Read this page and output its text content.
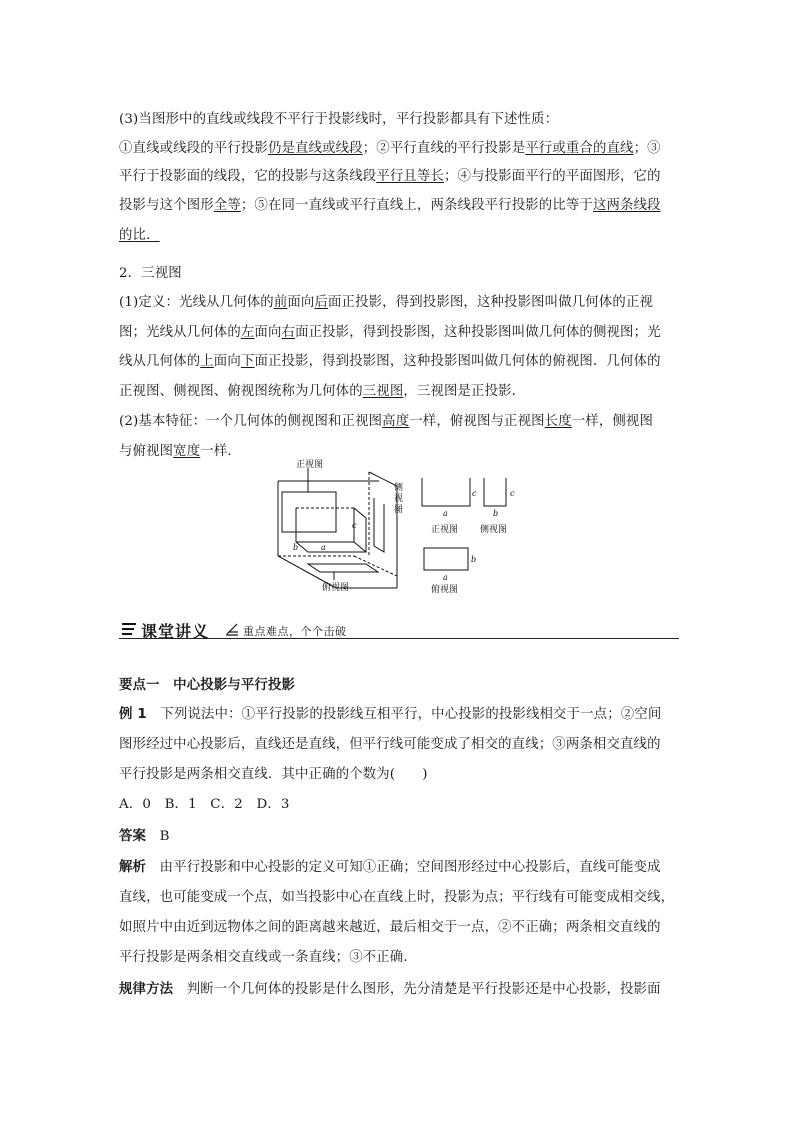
(3)当图形中的直线或线段不平行于投影线时，平行投影都具有下述性质：
①直线或线段的平行投影仍是直线或线段；②平行直线的平行投影是平行或重合的直线；③
平行于投影面的线段，它的投影与这条线段平行且等长；④与投影面平行的平面图形，它的
投影与这个图形全等；⑤在同一直线或平行直线上，两条线段平行投影的比等于这两条线段
的比．
2．三视图
(1)定义：光线从几何体的前面向后面正投影，得到投影图，这种投影图叫做几何体的正视
图；光线从几何体的左面向右面正投影，得到投影图，这种投影图叫做几何体的侧视图；光
线从几何体的上面向下面正投影，得到投影图，这种投影图叫做几何体的俯视图．几何体的
正视图、侧视图、俯视图统称为几何体的三视图，三视图是正投影．
(2)基本特征：一个几何体的侧视图和正视图高度一样，俯视图与正视图长度一样，侧视图
与俯视图宽度一样．
正视图
侧
视
图
俯视图
正视图 侧视图
俯视图
a
b
c
a
c
b
c
a
b
课堂讲义	重点难点，个个击破
要点一　中心投影与平行投影
例 1　下列说法中：①平行投影的投影线互相平行，中心投影的投影线相交于一点；②空间
图形经过中心投影后，直线还是直线，但平行线可能变成了相交的直线；③两条相交直线的
平行投影是两条相交直线．其中正确的个数为(　　)
A．0　B．1　C．2　D．3
答案　B
解析　由平行投影和中心投影的定义可知①正确；空间图形经过中心投影后，直线可能变成
直线，也可能变成一个点，如当投影中心在直线上时，投影为点；平行线有可能变成相交线，
如照片中由近到远物体之间的距离越来越近，最后相交于一点，②不正确；两条相交直线的
平行投影是两条相交直线或一条直线；③不正确．
规律方法　判断一个几何体的投影是什么图形，先分清楚是平行投影还是中心投影，投影面
